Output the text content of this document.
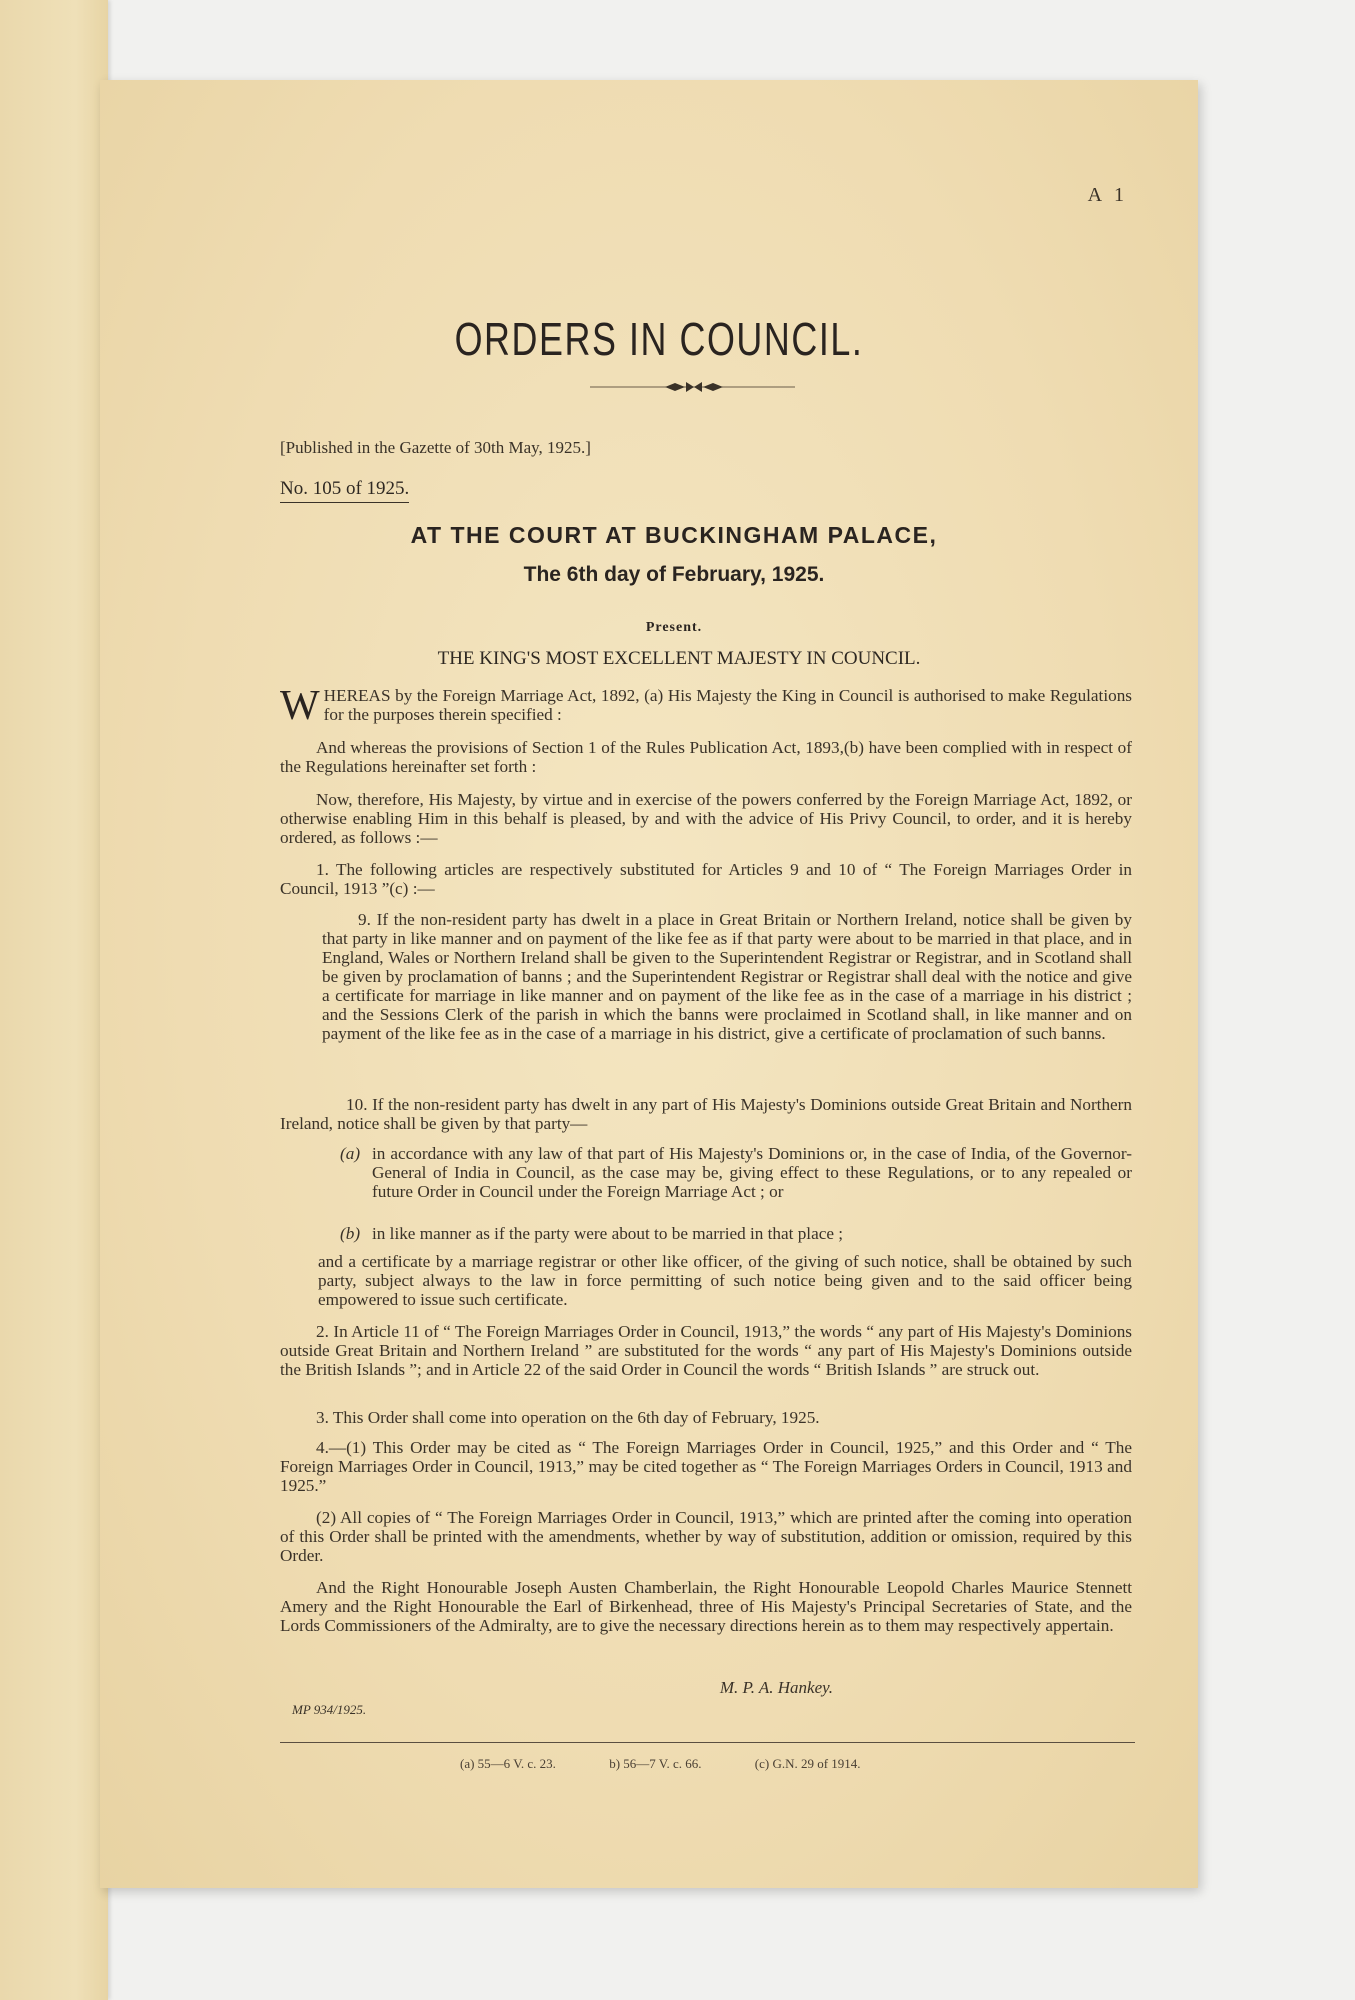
A 1
ORDERS IN COUNCIL.
[Published in the Gazette of 30th May, 1925.]
No. 105 of 1925.
AT THE COURT AT BUCKINGHAM PALACE,
The 6th day of February, 1925.
Present.
THE KING'S MOST EXCELLENT MAJESTY IN COUNCIL.

WHEREAS by the Foreign Marriage Act, 1892, (a) His Majesty the King in Council is authorised to make Regulations for the purposes therein specified :

And whereas the provisions of Section 1 of the Rules Publication Act, 1893,(b) have been complied with in respect of the Regulations hereinafter set forth :

Now, therefore, His Majesty, by virtue and in exercise of the powers conferred by the Foreign Marriage Act, 1892, or otherwise enabling Him in this behalf is pleased, by and with the advice of His Privy Council, to order, and it is hereby ordered, as follows :—

1. The following articles are respectively substituted for Articles 9 and 10 of “ The Foreign Marriages Order in Council, 1913 ”(c) :—

9. If the non-resident party has dwelt in a place in Great Britain or Northern Ireland, notice shall be given by that party in like manner and on payment of the like fee as if that party were about to be married in that place, and in England, Wales or Northern Ireland shall be given to the Superintendent Registrar or Registrar, and in Scotland shall be given by proclamation of banns ; and the Superintendent Registrar or Registrar shall deal with the notice and give a certificate for marriage in like manner and on payment of the like fee as in the case of a marriage in his district ; and the Sessions Clerk of the parish in which the banns were proclaimed in Scotland shall, in like manner and on payment of the like fee as in the case of a marriage in his district, give a certificate of proclamation of such banns.

10. If the non-resident party has dwelt in any part of His Majesty's Dominions outside Great Britain and Northern Ireland, notice shall be given by that party—

(a) in accordance with any law of that part of His Majesty's Dominions or, in the case of India, of the Governor-General of India in Council, as the case may be, giving effect to these Regulations, or to any repealed or future Order in Council under the Foreign Marriage Act ; or

(b) in like manner as if the party were about to be married in that place ;

and a certificate by a marriage registrar or other like officer, of the giving of such notice, shall be obtained by such party, subject always to the law in force permitting of such notice being given and to the said officer being empowered to issue such certificate.

2. In Article 11 of “ The Foreign Marriages Order in Council, 1913,” the words “ any part of His Majesty's Dominions outside Great Britain and Northern Ireland ” are substituted for the words “ any part of His Majesty's Dominions outside the British Islands ”; and in Article 22 of the said Order in Council the words “ British Islands ” are struck out.

3. This Order shall come into operation on the 6th day of February, 1925.

4.—(1) This Order may be cited as “ The Foreign Marriages Order in Council, 1925,” and this Order and “ The Foreign Marriages Order in Council, 1913,” may be cited together as “ The Foreign Marriages Orders in Council, 1913 and 1925.”

(2) All copies of “ The Foreign Marriages Order in Council, 1913,” which are printed after the coming into operation of this Order shall be printed with the amendments, whether by way of substitution, addition or omission, required by this Order.

And the Right Honourable Joseph Austen Chamberlain, the Right Honourable Leopold Charles Maurice Stennett Amery and the Right Honourable the Earl of Birkenhead, three of His Majesty's Principal Secretaries of State, and the Lords Commissioners of the Admiralty, are to give the necessary directions herein as to them may respectively appertain.

M. P. A. Hankey.
MP 934/1925.
(a) 55—6 V. c. 23.	b) 56—7 V. c. 66.	(c) G.N. 29 of 1914.
